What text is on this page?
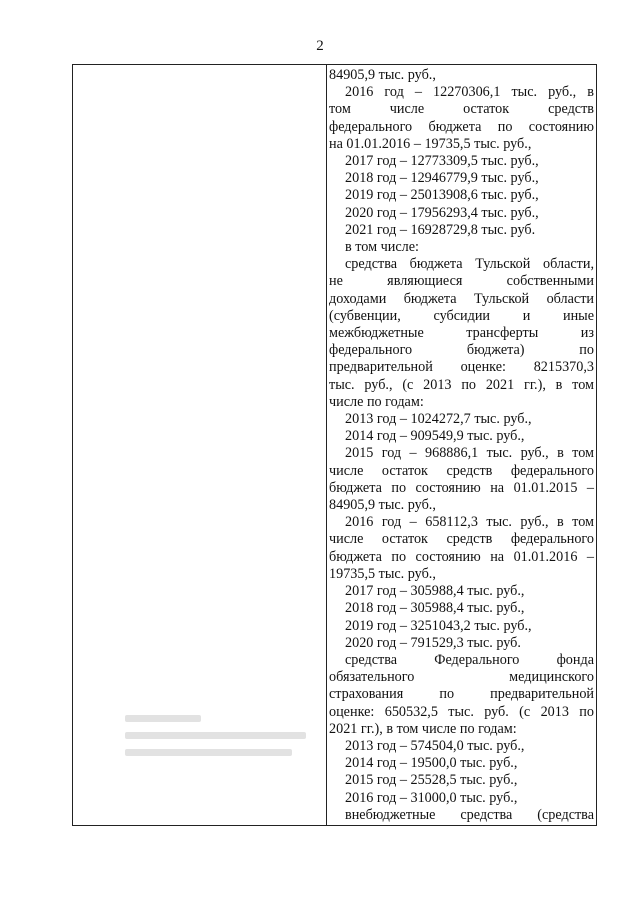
2
84905,9 тыс. руб.,
2016 год – 12270306,1 тыс. руб., в
том числе остаток средств
федерального бюджета по состоянию
на 01.01.2016 – 19735,5 тыс. руб.,
2017 год – 12773309,5 тыс. руб.,
2018 год – 12946779,9 тыс. руб.,
2019 год – 25013908,6 тыс. руб.,
2020 год – 17956293,4 тыс. руб.,
2021 год – 16928729,8 тыс. руб.
в том числе:
средства бюджета Тульской области,
не являющиеся собственными
доходами бюджета Тульской области
(субвенции, субсидии и иные
межбюджетные трансферты из
федерального бюджета) по
предварительной оценке: 8215370,3
тыс. руб., (с 2013 по 2021 гг.), в том
числе по годам:
2013 год – 1024272,7 тыс. руб.,
2014 год – 909549,9 тыс. руб.,
2015 год – 968886,1 тыс. руб., в том
числе остаток средств федерального
бюджета по состоянию на 01.01.2015 –
84905,9 тыс. руб.,
2016 год – 658112,3 тыс. руб., в том
числе остаток средств федерального
бюджета по состоянию на 01.01.2016 –
19735,5 тыс. руб.,
2017 год – 305988,4 тыс. руб.,
2018 год – 305988,4 тыс. руб.,
2019 год – 3251043,2 тыс. руб.,
2020 год – 791529,3 тыс. руб.
средства Федерального фонда
обязательного медицинского
страхования по предварительной
оценке: 650532,5 тыс. руб. (с 2013 по
2021 гг.), в том числе по годам:
2013 год – 574504,0 тыс. руб.,
2014 год – 19500,0 тыс. руб.,
2015 год – 25528,5 тыс. руб.,
2016 год – 31000,0 тыс. руб.,
внебюджетные средства (средства
